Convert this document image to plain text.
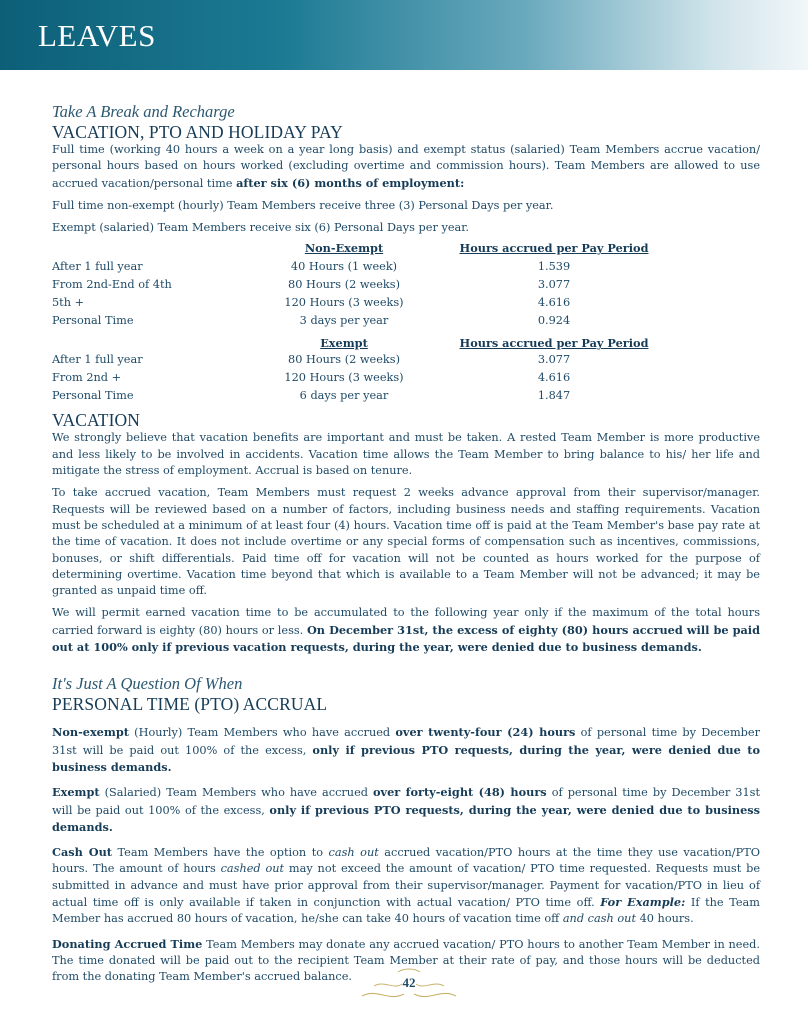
LEAVES
Take A Break and Recharge
VACATION, PTO AND HOLIDAY PAY

Full time (working 40 hours a week on a year long basis) and exempt status (salaried) Team Members accrue vacation/ personal hours based on hours worked (excluding overtime and commission hours). Team Members are allowed to use accrued vacation/personal time after six (6) months of employment:

Full time non-exempt (hourly) Team Members receive three (3) Personal Days per year.

Exempt (salaried) Team Members receive six (6) Personal Days per year.

	Non-Exempt	Hours accrued per Pay Period
After 1 full year	40 Hours (1 week)	1.539
From 2nd-End of 4th	80 Hours (2 weeks)	3.077
5th +	120 Hours (3 weeks)	4.616
Personal Time	3 days per year	0.924
	Exempt	Hours accrued per Pay Period
After 1 full year	80 Hours (2 weeks)	3.077
From 2nd +	120 Hours (3 weeks)	4.616
Personal Time	6 days per year	1.847
VACATION

We strongly believe that vacation benefits are important and must be taken. A rested Team Member is more productive and less likely to be involved in accidents. Vacation time allows the Team Member to bring balance to his/ her life and mitigate the stress of employment. Accrual is based on tenure.

To take accrued vacation, Team Members must request 2 weeks advance approval from their supervisor/manager. Requests will be reviewed based on a number of factors, including business needs and staffing requirements. Vacation must be scheduled at a minimum of at least four (4) hours. Vacation time off is paid at the Team Member's base pay rate at the time of vacation. It does not include overtime or any special forms of compensation such as incentives, commissions, bonuses, or shift differentials. Paid time off for vacation will not be counted as hours worked for the purpose of determining overtime. Vacation time beyond that which is available to a Team Member will not be advanced; it may be granted as unpaid time off.

We will permit earned vacation time to be accumulated to the following year only if the maximum of the total hours carried forward is eighty (80) hours or less. On December 31st, the excess of eighty (80) hours accrued will be paid out at 100% only if previous vacation requests, during the year, were denied due to business demands.

It's Just A Question Of When
PERSONAL TIME (PTO) ACCRUAL

Non-exempt (Hourly) Team Members who have accrued over twenty-four (24) hours of personal time by December 31st will be paid out 100% of the excess, only if previous PTO requests, during the year, were denied due to business demands.

Exempt (Salaried) Team Members who have accrued over forty-eight (48) hours of personal time by December 31st will be paid out 100% of the excess, only if previous PTO requests, during the year, were denied due to business demands.

Cash Out Team Members have the option to cash out accrued vacation/PTO hours at the time they use vacation/PTO hours. The amount of hours cashed out may not exceed the amount of vacation/ PTO time requested. Requests must be submitted in advance and must have prior approval from their supervisor/manager. Payment for vacation/PTO in lieu of actual time off is only available if taken in conjunction with actual vacation/ PTO time off. For Example: If the Team Member has accrued 80 hours of vacation, he/she can take 40 hours of vacation time off and cash out 40 hours.

Donating Accrued Time Team Members may donate any accrued vacation/ PTO hours to another Team Member in need. The time donated will be paid out to the recipient Team Member at their rate of pay, and those hours will be deducted from the donating Team Member's accrued balance.	42
